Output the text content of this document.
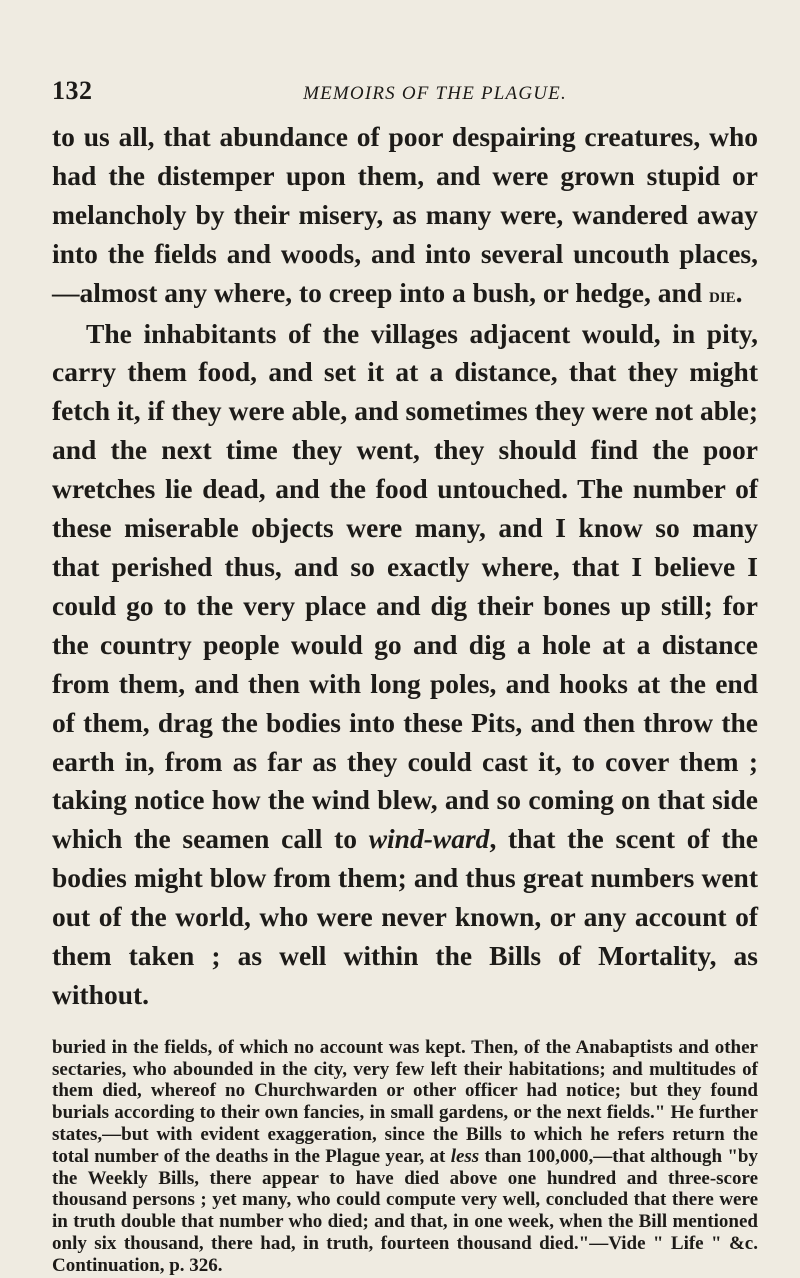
132	MEMOIRS OF THE PLAGUE.

to us all, that abundance of poor despairing creatures, who had the distemper upon them, and were grown stupid or melancholy by their misery, as many were, wandered away into the fields and woods, and into several uncouth places,—almost any where, to creep into a bush, or hedge, and die.

The inhabitants of the villages adjacent would, in pity, carry them food, and set it at a distance, that they might fetch it, if they were able, and sometimes they were not able; and the next time they went, they should find the poor wretches lie dead, and the food untouched. The number of these miserable objects were many, and I know so many that perished thus, and so exactly where, that I believe I could go to the very place and dig their bones up still; for the country people would go and dig a hole at a distance from them, and then with long poles, and hooks at the end of them, drag the bodies into these Pits, and then throw the earth in, from as far as they could cast it, to cover them ; taking notice how the wind blew, and so coming on that side which the seamen call to wind-ward, that the scent of the bodies might blow from them; and thus great numbers went out of the world, who were never known, or any account of them taken ; as well within the Bills of Mortality, as without.

buried in the fields, of which no account was kept. Then, of the Anabaptists and other sectaries, who abounded in the city, very few left their habitations; and multitudes of them died, whereof no Churchwarden or other officer had notice; but they found burials according to their own fancies, in small gardens, or the next fields." He further states,—but with evident exaggeration, since the Bills to which he refers return the total number of the deaths in the Plague year, at less than 100,000,—that although "by the Weekly Bills, there appear to have died above one hundred and three-score thousand persons ; yet many, who could compute very well, concluded that there were in truth double that number who died; and that, in one week, when the Bill mentioned only six thousand, there had, in truth, fourteen thousand died."—Vide " Life " &c. Continuation, p. 326.
